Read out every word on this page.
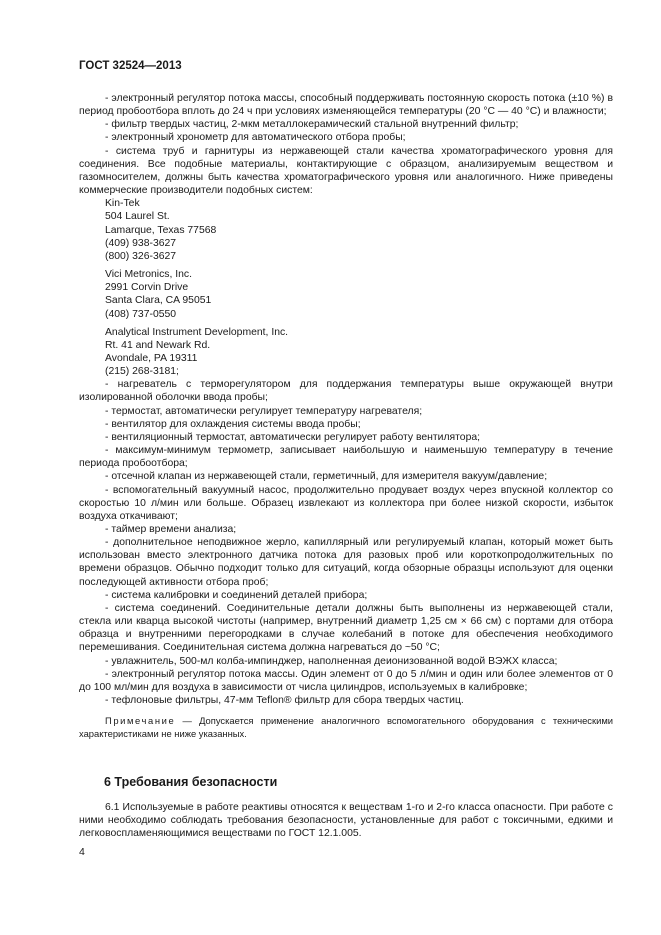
ГОСТ 32524—2013

- электронный регулятор потока массы, способный поддерживать постоянную скорость потока (±10 %) в период пробоотбора вплоть до 24 ч при условиях изменяющейся температуры (20 °С — 40 °С) и влажности;

- фильтр твердых частиц, 2-мкм металлокерамический стальной внутренний фильтр;

- электронный хронометр для автоматического отбора пробы;

- система труб и гарнитуры из нержавеющей стали качества хроматографического уровня для соединения. Все подобные материалы, контактирующие с образцом, анализируемым веществом и газомносителем, должны быть качества хроматографического уровня или аналогичного. Ниже приведены коммерческие производители подобных систем:

Kin-Tek

504 Laurel St.

Lamarque, Texas 77568

(409) 938-3627

(800) 326-3627

Vici Metronics, Inc.

2991 Corvin Drive

Santa Clara, CA 95051

(408) 737-0550

Analytical Instrument Development, Inc.

Rt. 41 and Newark Rd.

Avondale, PA 19311

(215) 268-3181;

- нагреватель с терморегулятором для поддержания температуры выше окружающей внутри изолированной оболочки ввода пробы;

- термостат, автоматически регулирует температуру нагревателя;

- вентилятор для охлаждения системы ввода пробы;

- вентиляционный термостат, автоматически регулирует работу вентилятора;

- максимум-минимум термометр, записывает наибольшую и наименьшую температуру в течение периода пробоотбора;

- отсечной клапан из нержавеющей стали, герметичный, для измерителя вакуум/давление;

- вспомогательный вакуумный насос, продолжительно продувает воздух через впускной коллектор со скоростью 10 л/мин или больше. Образец извлекают из коллектора при более низкой скорости, избыток воздуха откачивают;

- таймер времени анализа;

- дополнительное неподвижное жерло, капиллярный или регулируемый клапан, который может быть использован вместо электронного датчика потока для разовых проб или короткопродолжительных по времени образцов. Обычно подходит только для ситуаций, когда обзорные образцы используют для оценки последующей активности отбора проб;

- система калибровки и соединений деталей прибора;

- система соединений. Соединительные детали должны быть выполнены из нержавеющей стали, стекла или кварца высокой чистоты (например, внутренний диаметр 1,25 см × 66 см) с портами для отбора образца и внутренними перегородками в случае колебаний в потоке для обеспечения необходимого перемешивания. Соединительная система должна нагреваться до ~50 °С;

- увлажнитель, 500-мл колба-импинджер, наполненная деионизованной водой ВЭЖХ класса;

- электронный регулятор потока массы. Один элемент от 0 до 5 л/мин и один или более элементов от 0 до 100 мл/мин для воздуха в зависимости от числа цилиндров, используемых в калибровке;

- тефлоновые фильтры, 47-мм Teflon® фильтр для сбора твердых частиц.

Примечание — Допускается применение аналогичного вспомогательного оборудования с техническими характеристиками не ниже указанных.

6 Требования безопасности

6.1 Используемые в работе реактивы относятся к веществам 1-го и 2-го класса опасности. При работе с ними необходимо соблюдать требования безопасности, установленные для работ с токсичными, едкими и легковоспламеняющимися веществами по ГОСТ 12.1.005.

4
